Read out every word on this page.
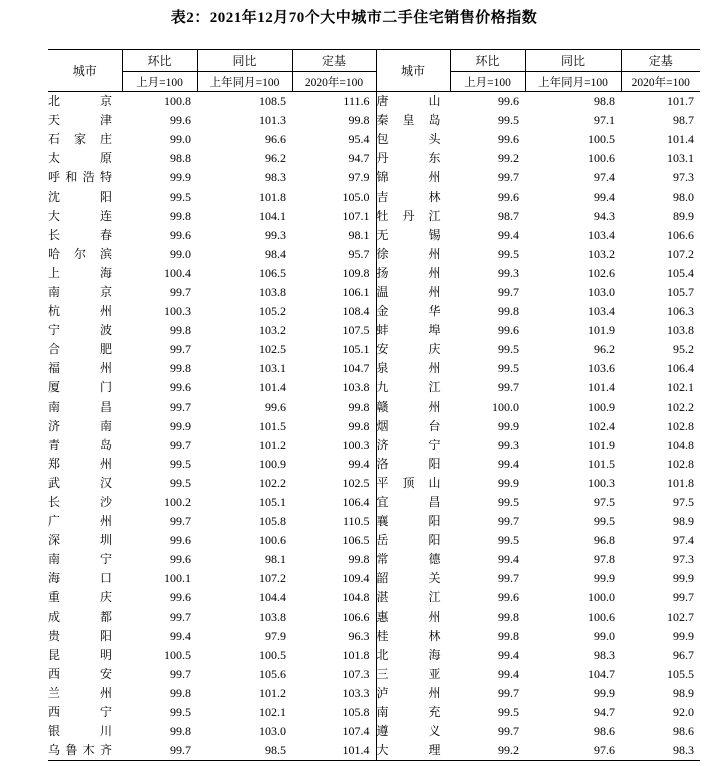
表2：2021年12月70个大中城市二手住宅销售价格指数
城市	环比	同比	定基	城市	环比	同比	定基
	上月=100	上年同月=100	2020年=100		上月=100	上年同月=100	2020年=100
北京	100.8	108.5	111.6	唐山	99.6	98.8	101.7
天津	99.6	101.3	99.8	秦皇岛	99.5	97.1	98.7
石家庄	99.0	96.6	95.4	包头	99.6	100.5	101.4
太原	98.8	96.2	94.7	丹东	99.2	100.6	103.1
呼和浩特	99.9	98.3	97.9	锦州	99.7	97.4	97.3
沈阳	99.5	101.8	105.0	吉林	99.6	99.4	98.0
大连	99.8	104.1	107.1	牡丹江	98.7	94.3	89.9
长春	99.6	99.3	98.1	无锡	99.4	103.4	106.6
哈尔滨	99.0	98.4	95.7	徐州	99.5	103.2	107.2
上海	100.4	106.5	109.8	扬州	99.3	102.6	105.4
南京	99.7	103.8	106.1	温州	99.7	103.0	105.7
杭州	100.3	105.2	108.4	金华	99.8	103.4	106.3
宁波	99.8	103.2	107.5	蚌埠	99.6	101.9	103.8
合肥	99.7	102.5	105.1	安庆	99.5	96.2	95.2
福州	99.8	103.1	104.7	泉州	99.5	103.6	106.4
厦门	99.6	101.4	103.8	九江	99.7	101.4	102.1
南昌	99.7	99.6	99.8	赣州	100.0	100.9	102.2
济南	99.9	101.5	99.8	烟台	99.9	102.4	102.8
青岛	99.7	101.2	100.3	济宁	99.3	101.9	104.8
郑州	99.5	100.9	99.4	洛阳	99.4	101.5	102.8
武汉	99.5	102.2	102.5	平顶山	99.9	100.3	101.8
长沙	100.2	105.1	106.4	宜昌	99.5	97.5	97.5
广州	99.7	105.8	110.5	襄阳	99.7	99.5	98.9
深圳	99.6	100.6	106.5	岳阳	99.5	96.8	97.4
南宁	99.6	98.1	99.8	常德	99.4	97.8	97.3
海口	100.1	107.2	109.4	韶关	99.7	99.9	99.9
重庆	99.6	104.4	104.8	湛江	99.6	100.0	99.7
成都	99.7	103.8	106.6	惠州	99.8	100.6	102.7
贵阳	99.4	97.9	96.3	桂林	99.8	99.0	99.9
昆明	100.5	100.5	101.8	北海	99.4	98.3	96.7
西安	99.7	105.6	107.3	三亚	99.4	104.7	105.5
兰州	99.8	101.2	103.3	泸州	99.7	99.9	98.9
西宁	99.5	102.1	105.8	南充	99.5	94.7	92.0
银川	99.8	103.0	107.4	遵义	99.7	98.6	98.6
乌鲁木齐	99.7	98.5	101.4	大理	99.2	97.6	98.3
